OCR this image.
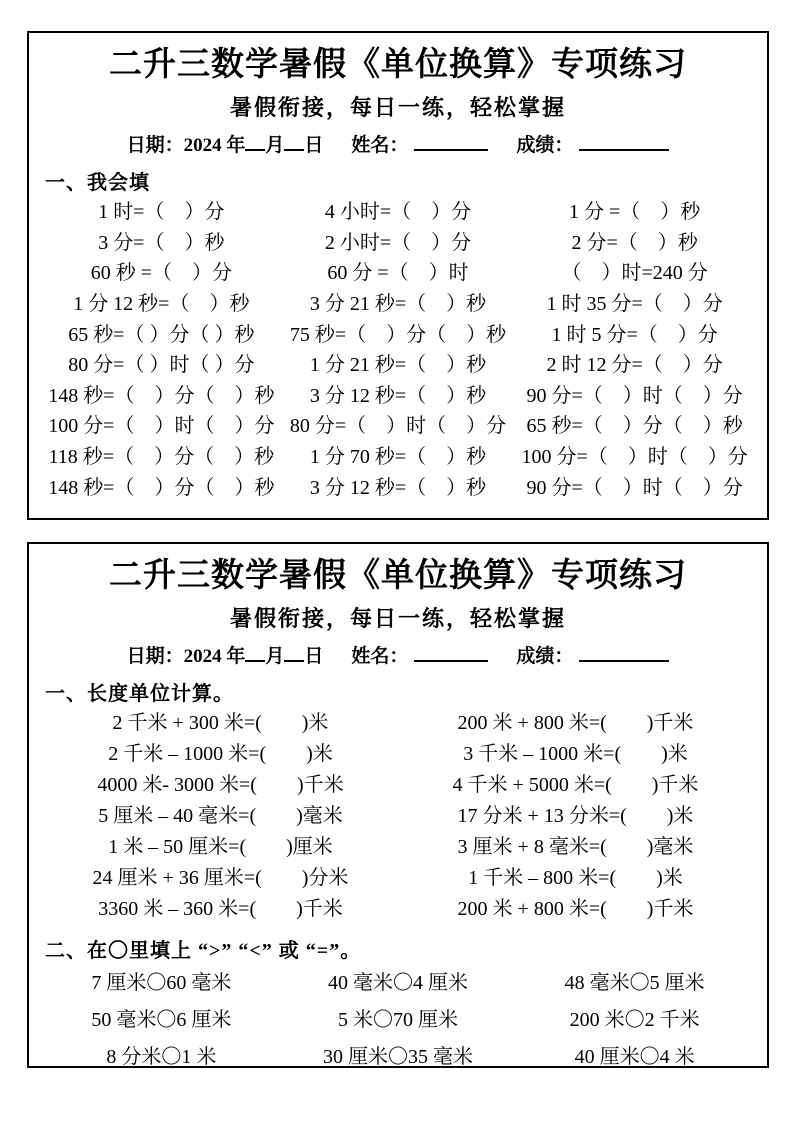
二升三数学暑假《单位换算》专项练习
暑假衔接，每日一练，轻松掌握
日期：2024 年 月 日 姓名：	成绩：
一、我会填
1 时=（　）分	4 小时=（　）分	1 分 =（　）秒
3 分=（　）秒	2 小时=（　）分	2 分=（　）秒
60 秒 =（　）分	60 分 =（　）时	（　）时=240 分
1 分 12 秒=（　）秒	3 分 21 秒=（　）秒	1 时 35 分=（　）分
65 秒=（ ）分（ ）秒	75 秒=（　）分（　）秒	1 时 5 分=（　）分
80 分=（ ）时（ ）分	1 分 21 秒=（　）秒	2 时 12 分=（　）分
148 秒=（　）分（　）秒	3 分 12 秒=（　）秒	90 分=（　）时（　）分
100 分=（　）时（　）分 80 分=（　）时（　）分	65 秒=（　）分（　）秒
118 秒=（　）分（　）秒	1 分 70 秒=（　）秒	100 分=（　）时（　）分
148 秒=（　）分（　）秒	3 分 12 秒=（　）秒	90 分=（　）时（　）分
二升三数学暑假《单位换算》专项练习
暑假衔接，每日一练，轻松掌握
日期：2024 年 月 日 姓名：	成绩：
一、长度单位计算。
2 千米 + 300 米=(　　)米	200 米 + 800 米=(　　)千米
2 千米 – 1000 米=(　　)米	3 千米 – 1000 米=(　　)米
4000 米- 3000 米=(　　)千米	4 千米 + 5000 米=(　　)千米
5 厘米 – 40 毫米=(　　)毫米	17 分米 + 13 分米=(　　)米
1 米 – 50 厘米=(　　)厘米	3 厘米 + 8 毫米=(　　)毫米
24 厘米 + 36 厘米=(　　)分米	1 千米 – 800 米=(　　)米
3360 米 – 360 米=(　　)千米	200 米 + 800 米=(　　)千米
二、在〇里填上 “>” “<” 或 “=”。
7 厘米〇60 毫米	40 毫米〇4 厘米	48 毫米〇5 厘米
50 毫米〇6 厘米	5 米〇70 厘米	200 米〇2 千米
8 分米〇1 米	30 厘米〇35 毫米	40 厘米〇4 米
